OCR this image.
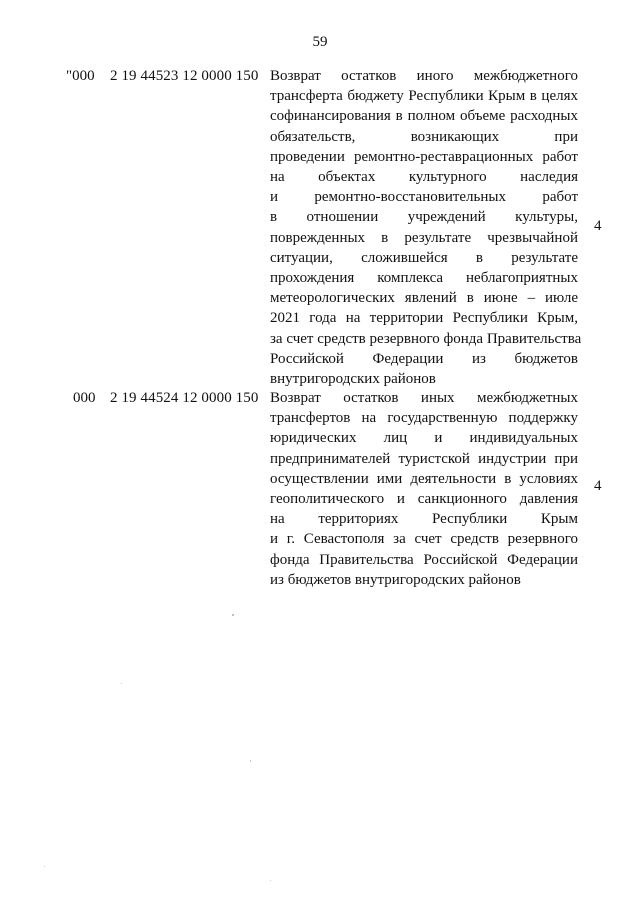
59
"000 2 19 44523 12 0000 150 Возврат остатков иного межбюджетного
трансферта бюджету Республики Крым в целях
софинансирования в полном объеме расходных
обязательств, возникающих при
проведении ремонтно-реставрационных работ
на объектах культурного наследия
и ремонтно-восстановительных работ
в отношении учреждений культуры,
поврежденных в результате чрезвычайной
ситуации, сложившейся в результате
прохождения комплекса неблагоприятных
метеорологических явлений в июне – июле
2021 года на территории Республики Крым,
за счет средств резервного фонда Правительства
Российской Федерации из бюджетов
внутригородских районов
4
000 2 19 44524 12 0000 150 Возврат остатков иных межбюджетных
трансфертов на государственную поддержку
юридических лиц и индивидуальных
предпринимателей туристской индустрии при
осуществлении ими деятельности в условиях
геополитического и санкционного давления
на территориях Республики Крым
и г. Севастополя за счет средств резервного
фонда Правительства Российской Федерации
из бюджетов внутригородских районов
4
